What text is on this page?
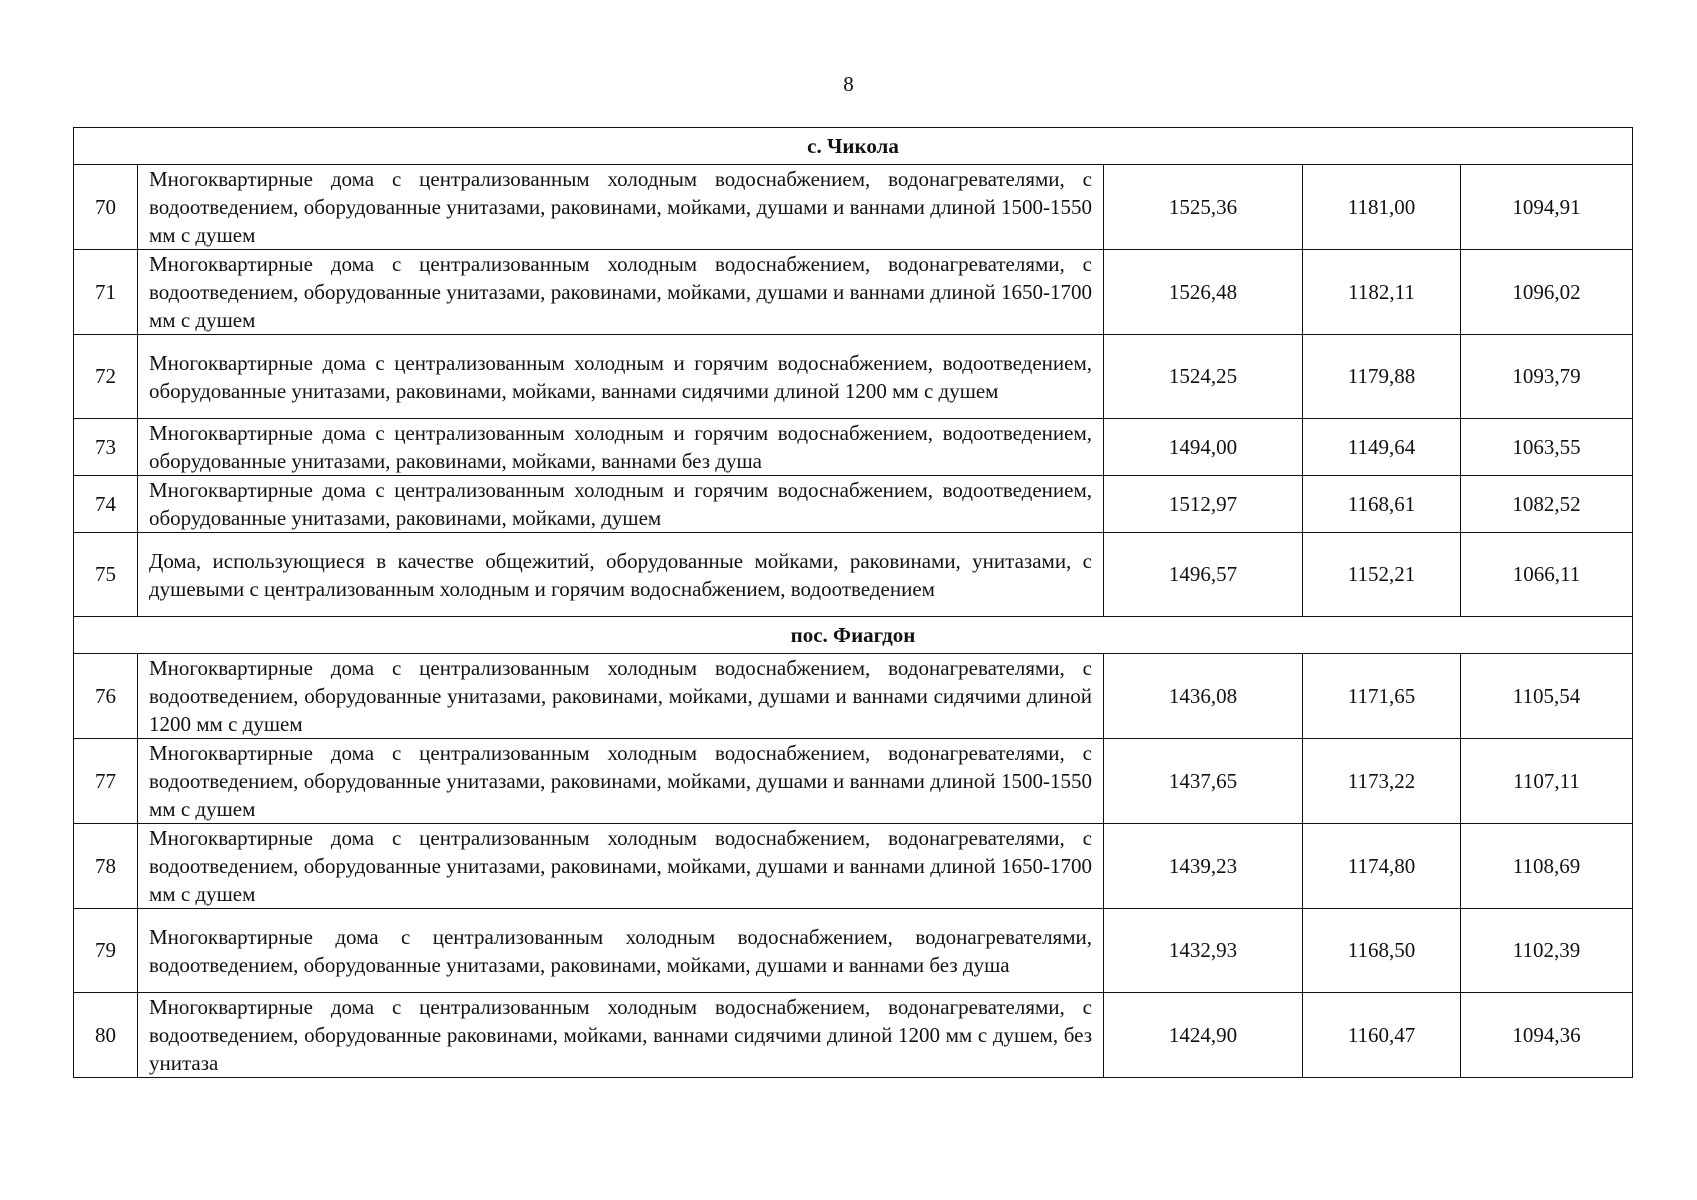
8
с. Чикола				
70	Многоквартирные дома с централизованным холодным водоснабжением, водонагревателями, с водоотведением, оборудованные унитазами, раковинами, мойками, душами и ваннами длиной 1500-1550 мм с душем	1525,36	1181,00	1094,91
71	Многоквартирные дома с централизованным холодным водоснабжением, водонагревателями, с водоотведением, оборудованные унитазами, раковинами, мойками, душами и ваннами длиной 1650-1700 мм с душем	1526,48	1182,11	1096,02
72	Многоквартирные дома с централизованным холодным и горячим водоснабжением, водоотведением, оборудованные унитазами, раковинами, мойками, ваннами сидячими длиной 1200 мм с душем	1524,25	1179,88	1093,79
73	Многоквартирные дома с централизованным холодным и горячим водоснабжением, водоотведением, оборудованные унитазами, раковинами, мойками, ваннами без душа	1494,00	1149,64	1063,55
74	Многоквартирные дома с централизованным холодным и горячим водоснабжением, водоотведением, оборудованные унитазами, раковинами, мойками, душем	1512,97	1168,61	1082,52
75	Дома, использующиеся в качестве общежитий, оборудованные мойками, раковинами, унитазами, с душевыми с централизованным холодным и горячим водоснабжением, водоотведением	1496,57	1152,21	1066,11
пос. Фиагдон				
76	Многоквартирные дома с централизованным холодным водоснабжением, водонагревателями, с водоотведением, оборудованные унитазами, раковинами, мойками, душами и ваннами сидячими длиной 1200 мм с душем	1436,08	1171,65	1105,54
77	Многоквартирные дома с централизованным холодным водоснабжением, водонагревателями, с водоотведением, оборудованные унитазами, раковинами, мойками, душами и ваннами длиной 1500-1550 мм с душем	1437,65	1173,22	1107,11
78	Многоквартирные дома с централизованным холодным водоснабжением, водонагревателями, с водоотведением, оборудованные унитазами, раковинами, мойками, душами и ваннами длиной 1650-1700 мм с душем	1439,23	1174,80	1108,69
79	Многоквартирные дома с централизованным холодным водоснабжением, водонагревателями, водоотведением, оборудованные унитазами, раковинами, мойками, душами и ваннами без душа	1432,93	1168,50	1102,39
80	Многоквартирные дома с централизованным холодным водоснабжением, водонагревателями, с водоотведением, оборудованные раковинами, мойками, ваннами сидячими длиной 1200 мм с душем, без унитаза	1424,90	1160,47	1094,36
